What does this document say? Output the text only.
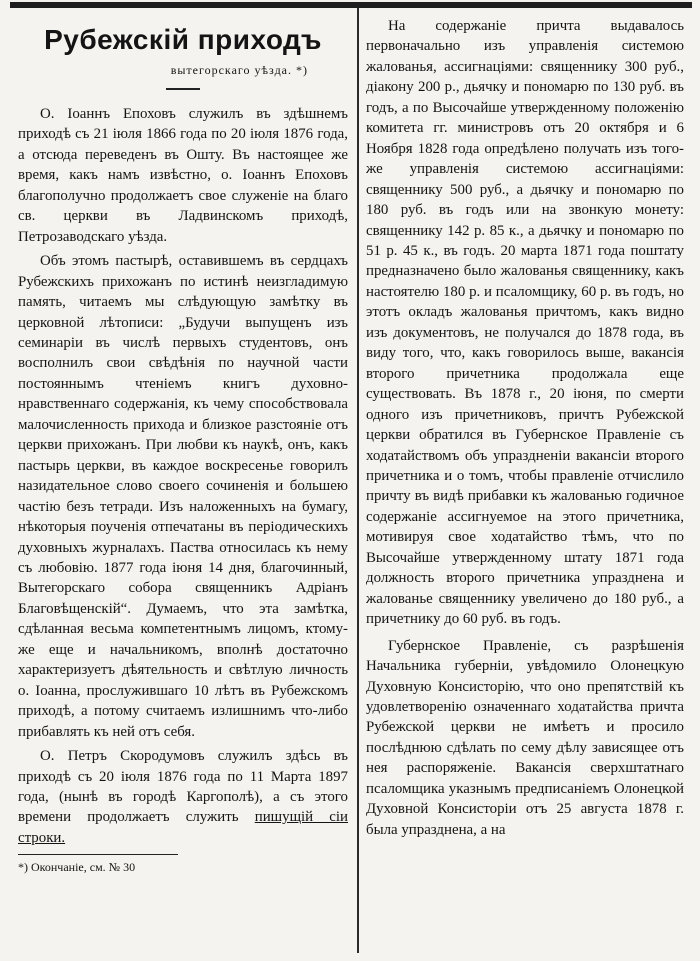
Рубежскій приходъ
вытегорскаго уѣзда. *)

О. Іоаннъ Епоховъ служилъ въ здѣшнемъ приходѣ съ 21 іюля 1866 года по 20 іюля 1876 года, а отсюда переведенъ въ Ошту. Въ настоящее же время, какъ намъ извѣстно, о. Іоаннъ Епоховъ благополучно продолжаетъ свое служеніе на благо св. церкви въ Ладвинскомъ приходѣ, Петрозаводскаго уѣзда.

Объ этомъ пастырѣ, оставившемъ въ сердцахъ Рубежскихъ прихожанъ по истинѣ неизгладимую память, читаемъ мы слѣдующую замѣтку въ церковной лѣтописи: „Будучи выпущенъ изъ семинаріи въ числѣ первыхъ студентовъ, онъ восполнилъ свои свѣдѣнія по научной части постояннымъ чтеніемъ книгъ духовно-нравственнаго содержанія, къ чему способствовала малочисленность прихода и близкое разстояніе отъ церкви прихожанъ. При любви къ наукѣ, онъ, какъ пастырь церкви, въ каждое воскресенье говорилъ назидательное слово своего сочиненія и большею частію безъ тетради. Изъ наложенныхъ на бумагу, нѣкоторыя поученія отпечатаны въ періодическихъ духовныхъ журналахъ. Паства относилась къ нему съ любовію. 1877 года іюня 14 дня, благочинный, Вытегорскаго собора священникъ Адріанъ Благовѣщенскій“. Думаемъ, что эта замѣтка, сдѣланная весьма компетентнымъ лицомъ, ктому-же еще и начальникомъ, вполнѣ достаточно характеризуетъ дѣятельность и свѣтлую личность о. Іоанна, прослужившаго 10 лѣтъ въ Рубежскомъ приходѣ, а потому считаемъ излишнимъ что-либо прибавлять къ ней отъ себя.

О. Петръ Скородумовъ служилъ здѣсь въ приходѣ съ 20 іюля 1876 года по 11 Марта 1897 года, (нынѣ въ городѣ Каргополѣ), а съ этого времени продолжаетъ служить пишущій сіи строки.

*) Окончаніе, см. № 30

На содержаніе причта выдавалось первоначально изъ управленія системою жалованья, ассигнаціями: священнику 300 руб., діакону 200 р., дьячку и пономарю по 130 руб. въ годъ, а по Высочайше утвержденному положенію комитета гг. министровъ отъ 20 октября и 6 Ноября 1828 года опредѣлено получать изъ того-же управленія системою ассигнаціями: священнику 500 руб., а дьячку и пономарю по 180 руб. въ годъ или на звонкую монету: священнику 142 р. 85 к., а дьячку и пономарю по 51 р. 45 к., въ годъ. 20 марта 1871 года поштату предназначено было жалованья священнику, какъ настоятелю 180 р. и псаломщику, 60 р. въ годъ, но этотъ окладъ жалованья причтомъ, какъ видно изъ документовъ, не получался до 1878 года, въ виду того, что, какъ говорилось выше, вакансія второго причетника продолжала еще существовать. Въ 1878 г., 20 іюня, по смерти одного изъ причетниковъ, причтъ Рубежской церкви обратился въ Губернское Правленіе съ ходатайствомъ объ упраздненіи вакансіи второго причетника и о томъ, чтобы правленіе отчислило причту въ видѣ прибавки къ жалованью годичное содержаніе ассигнуемое на этого причетника, мотивируя свое ходатайство тѣмъ, что по Высочайше утвержденному штату 1871 года должность второго причетника упразднена и жалованье священнику увеличено до 180 руб., а причетнику до 60 руб. въ годъ.

Губернское Правленіе, съ разрѣшенія Начальника губерніи, увѣдомило Олонецкую Духовную Консисторію, что оно препятствій къ удовлетворенію означеннаго ходатайства причта Рубежской церкви не имѣетъ и просило послѣднюю сдѣлать по сему дѣлу зависящее отъ нея распоряженіе. Вакансія сверхштатнаго псаломщика указнымъ предписаніемъ Олонецкой Духовной Консисторіи отъ 25 августа 1878 г. была упразднена, а на
